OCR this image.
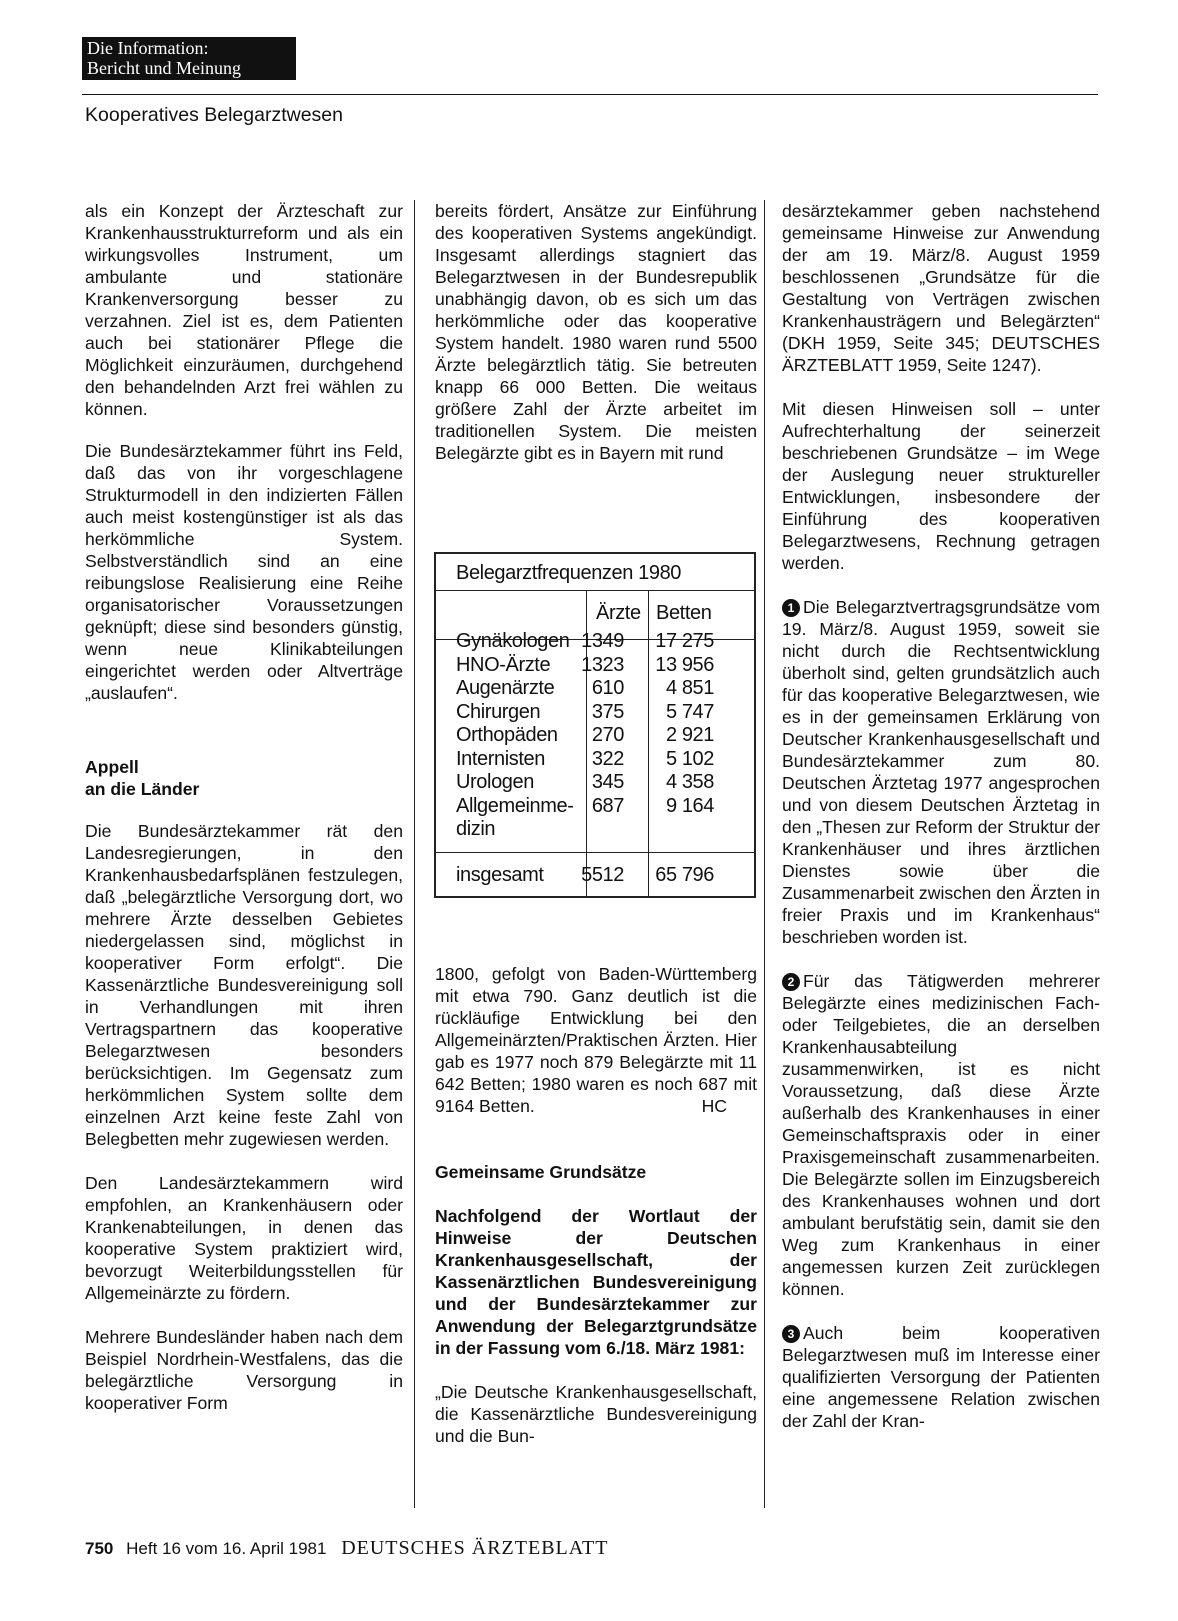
Die Information:
Bericht und Meinung
Kooperatives Belegarztwesen

als ein Konzept der Ärzteschaft zur Krankenhausstrukturreform und als ein wirkungsvolles Instrument, um ambulante und stationäre Krankenversorgung besser zu verzahnen. Ziel ist es, dem Patienten auch bei stationärer Pflege die Möglichkeit einzuräumen, durchgehend den behandelnden Arzt frei wählen zu können.

Die Bundesärztekammer führt ins Feld, daß das von ihr vorgeschlagene Strukturmodell in den indizierten Fällen auch meist kostengünstiger ist als das herkömmliche System. Selbstverständlich sind an eine reibungslose Realisierung eine Reihe organisatorischer Voraussetzungen geknüpft; diese sind besonders günstig, wenn neue Klinikabteilungen eingerichtet werden oder Altverträge „auslaufen“.

Appell

an die Länder

Die Bundesärztekammer rät den Landesregierungen, in den Krankenhausbedarfsplänen festzulegen, daß „belegärztliche Versorgung dort, wo mehrere Ärzte desselben Gebietes niedergelassen sind, möglichst in kooperativer Form erfolgt“. Die Kassenärztliche Bundesvereinigung soll in Verhandlungen mit ihren Vertragspartnern das kooperative Belegarztwesen besonders berücksichtigen. Im Gegensatz zum herkömmlichen System sollte dem einzelnen Arzt keine feste Zahl von Belegbetten mehr zugewiesen werden.

Den Landesärztekammern wird empfohlen, an Krankenhäusern oder Krankenabteilungen, in denen das kooperative System praktiziert wird, bevorzugt Weiterbildungsstellen für Allgemeinärzte zu fördern.

Mehrere Bundesländer haben nach dem Beispiel Nordrhein-Westfalens, das die belegärztliche Versorgung in kooperativer Form

bereits fördert, Ansätze zur Einführung des kooperativen Systems angekündigt. Insgesamt allerdings stagniert das Belegarztwesen in der Bundesrepublik unabhängig davon, ob es sich um das herkömmliche oder das kooperative System handelt. 1980 waren rund 5500 Ärzte belegärztlich tätig. Sie betreuten knapp 66 000 Betten. Die weitaus größere Zahl der Ärzte arbeitet im traditionellen System. Die meisten Belegärzte gibt es in Bayern mit rund

Belegarztfrequenzen 1980
Ärzte Betten
Gynäkologen 1349 17 275
HNO-Ärzte 1323 13 956
Augenärzte 610 4 851
Chirurgen	375 5 747
Orthopäden 270 2 921
Internisten 322 5 102
Urologen	345 4 358
Allgemeinme- 687 9 164
dizin
insgesamt 5512 65 796

1800, gefolgt von Baden-Württemberg mit etwa 790. Ganz deutlich ist die rückläufige Entwicklung bei den Allgemeinärzten/Praktischen Ärzten. Hier gab es 1977 noch 879 Belegärzte mit 11 642 Betten; 1980 waren es noch 687 mit 9164 Betten.	HC

Gemeinsame Grundsätze

Nachfolgend der Wortlaut der Hinweise der Deutschen Krankenhausgesellschaft, der Kassenärztlichen Bundesvereinigung und der Bundesärztekammer zur Anwendung der Belegarztgrundsätze in der Fassung vom 6./18. März 1981:

„Die Deutsche Krankenhausgesellschaft, die Kassenärztliche Bundesvereinigung und die Bun-

desärztekammer geben nachstehend gemeinsame Hinweise zur Anwendung der am 19. März/8. August 1959 beschlossenen „Grundsätze für die Gestaltung von Verträgen zwischen Krankenhausträgern und Belegärzten“ (DKH 1959, Seite 345; DEUTSCHES ÄRZTEBLATT 1959, Seite 1247).

Mit diesen Hinweisen soll – unter Aufrechterhaltung der seinerzeit beschriebenen Grundsätze – im Wege der Auslegung neuer struktureller Entwicklungen, insbesondere der Einführung des kooperativen Belegarztwesens, Rechnung getragen werden.

1 Die Belegarztvertragsgrundsätze vom 19. März/8. August 1959, soweit sie nicht durch die Rechtsentwicklung überholt sind, gelten grundsätzlich auch für das kooperative Belegarztwesen, wie es in der gemeinsamen Erklärung von Deutscher Krankenhausgesellschaft und Bundesärztekammer zum 80. Deutschen Ärztetag 1977 angesprochen und von diesem Deutschen Ärztetag in den „Thesen zur Reform der Struktur der Krankenhäuser und ihres ärztlichen Dienstes sowie über die Zusammenarbeit zwischen den Ärzten in freier Praxis und im Krankenhaus“ beschrieben worden ist.

2 Für das Tätigwerden mehrerer Belegärzte eines medizinischen Fach- oder Teilgebietes, die an derselben Krankenhausabteilung zusammenwirken, ist es nicht Voraussetzung, daß diese Ärzte außerhalb des Krankenhauses in einer Gemeinschaftspraxis oder in einer Praxisgemeinschaft zusammenarbeiten. Die Belegärzte sollen im Einzugsbereich des Krankenhauses wohnen und dort ambulant berufstätig sein, damit sie den Weg zum Krankenhaus in einer angemessen kurzen Zeit zurücklegen können.

3 Auch beim kooperativen Belegarztwesen muß im Interesse einer qualifizierten Versorgung der Patienten eine angemessene Relation zwischen der Zahl der Kran-

750 Heft 16 vom 16. April 1981 DEUTSCHES ÄRZTEBLATT
